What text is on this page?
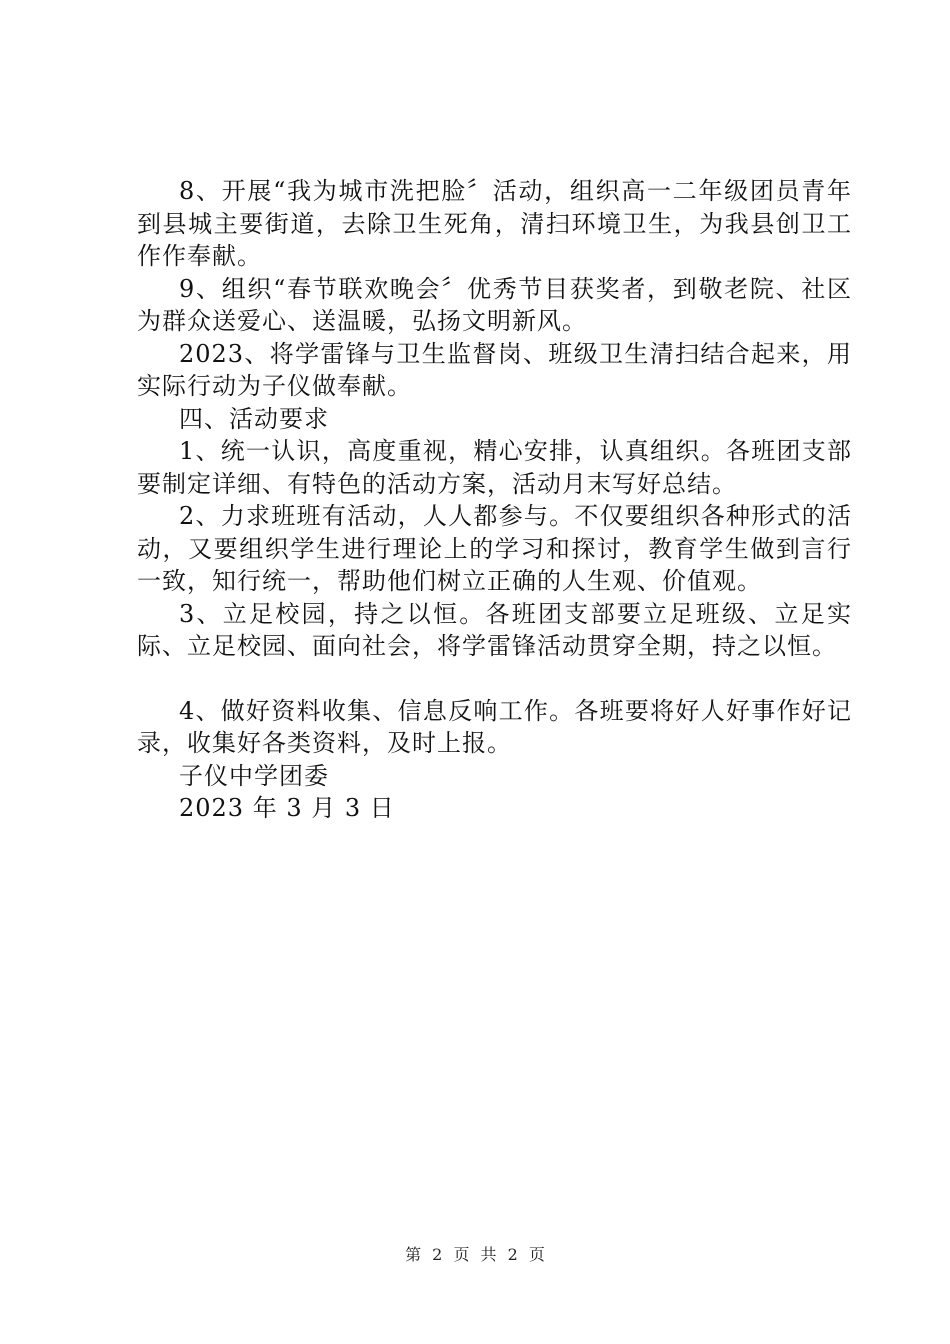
8、开展“我为城市洗把脸〞活动，组织高一二年级团员青年到县城主要街道，去除卫生死角，清扫环境卫生，为我县创卫工作作奉献。

9、组织“春节联欢晚会〞优秀节目获奖者，到敬老院、社区为群众送爱心、送温暖，弘扬文明新风。

2023、将学雷锋与卫生监督岗、班级卫生清扫结合起来，用实际行动为子仪做奉献。

四、活动要求

1、统一认识，高度重视，精心安排，认真组织。各班团支部要制定详细、有特色的活动方案，活动月末写好总结。

2、力求班班有活动，人人都参与。不仅要组织各种形式的活动，又要组织学生进行理论上的学习和探讨，教育学生做到言行一致，知行统一，帮助他们树立正确的人生观、价值观。

3、立足校园，持之以恒。各班团支部要立足班级、立足实际、立足校园、面向社会，将学雷锋活动贯穿全期，持之以恒。

4、做好资料收集、信息反响工作。各班要将好人好事作好记录，收集好各类资料，及时上报。

子仪中学团委

2023 年 3 月 3 日

第 2 页 共 2 页
